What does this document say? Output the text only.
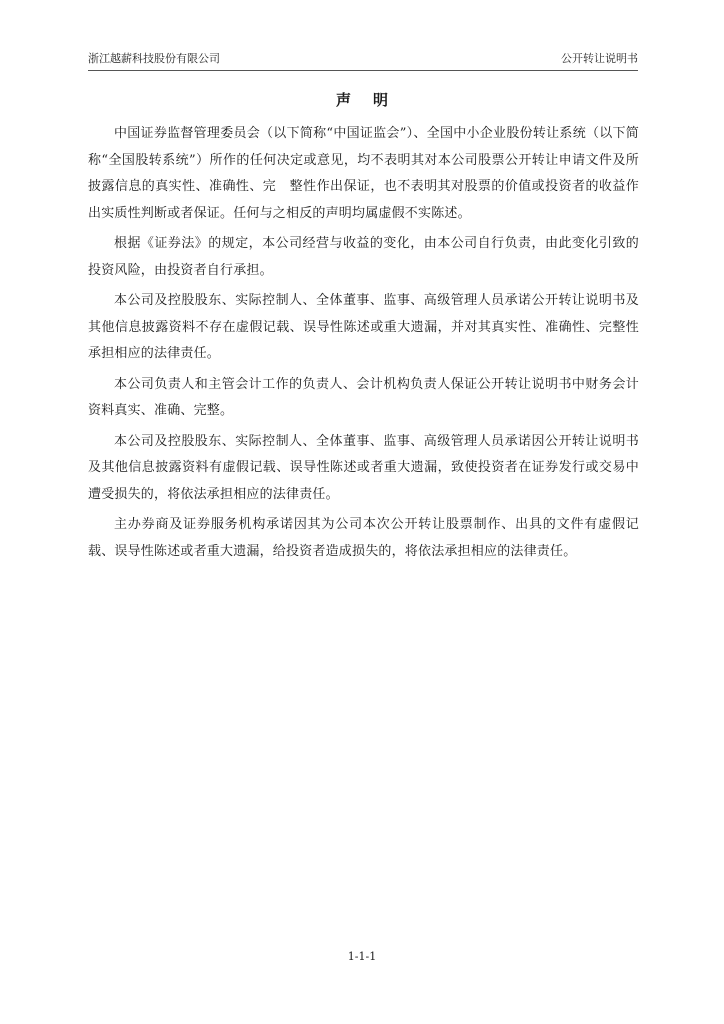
浙江越薪科技股份有限公司	公开转让说明书
声明

中国证券监督管理委员会（以下简称“中国证监会”）、全国中小企业股份转让系统（以下简称“全国股转系统”）所作的任何决定或意见，均不表明其对本公司股票公开转让申请文件及所披露信息的真实性、准确性、完　整性作出保证，也不表明其对股票的价值或投资者的收益作出实质性判断或者保证。任何与之相反的声明均属虚假不实陈述。

根据《证券法》的规定，本公司经营与收益的变化，由本公司自行负责，由此变化引致的投资风险，由投资者自行承担。

本公司及控股股东、实际控制人、全体董事、监事、高级管理人员承诺公开转让说明书及其他信息披露资料不存在虚假记载、误导性陈述或重大遗漏，并对其真实性、准确性、完整性承担相应的法律责任。

本公司负责人和主管会计工作的负责人、会计机构负责人保证公开转让说明书中财务会计资料真实、准确、完整。

本公司及控股股东、实际控制人、全体董事、监事、高级管理人员承诺因公开转让说明书及其他信息披露资料有虚假记载、误导性陈述或者重大遗漏，致使投资者在证券发行或交易中遭受损失的，将依法承担相应的法律责任。

主办券商及证券服务机构承诺因其为公司本次公开转让股票制作、出具的文件有虚假记载、误导性陈述或者重大遗漏，给投资者造成损失的，将依法承担相应的法律责任。

1-1-1
